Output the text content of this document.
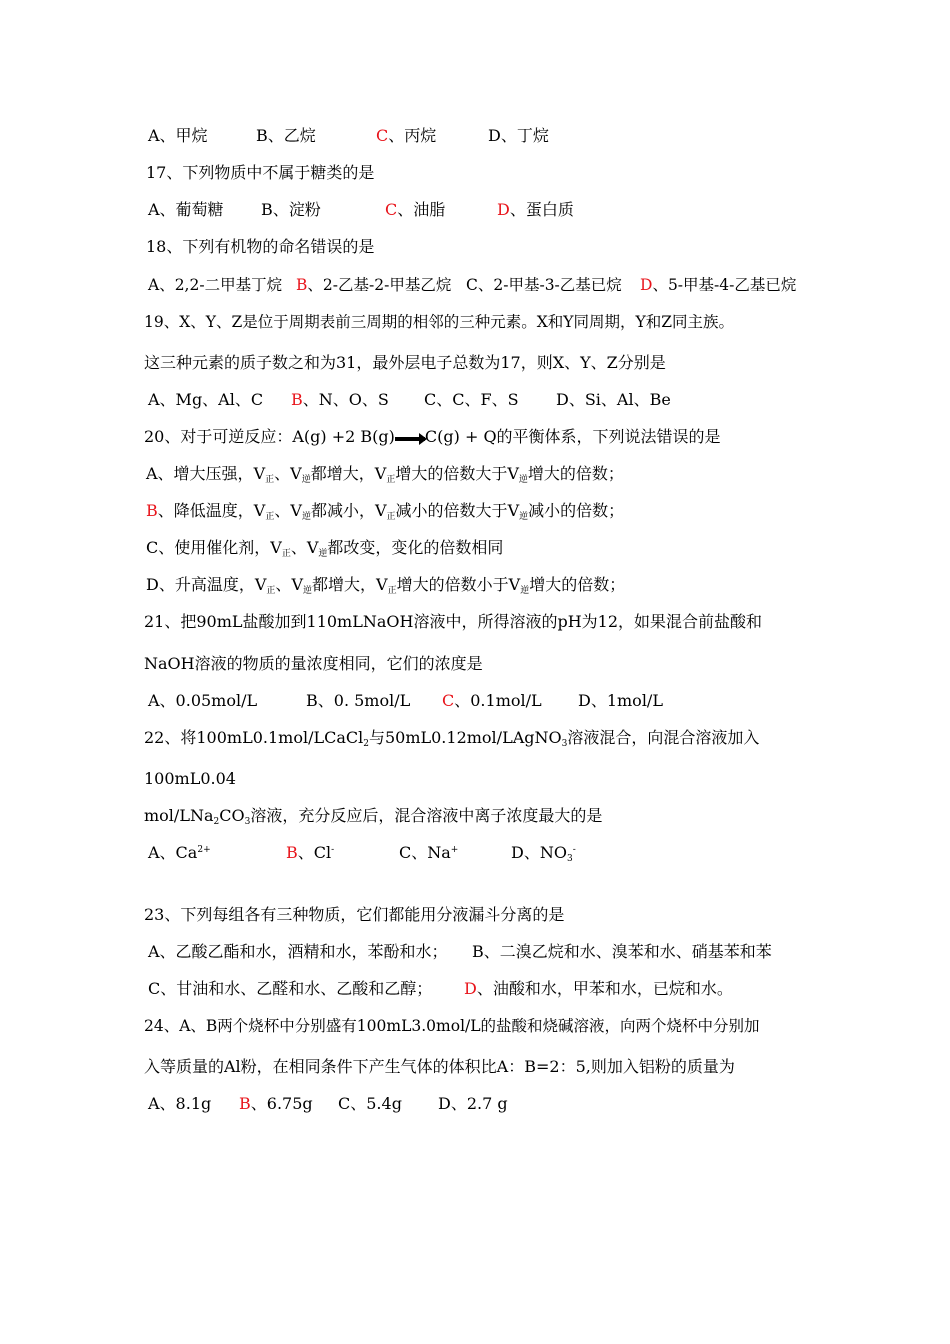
A、甲烷	B、乙烷	C、丙烷	D、丁烷
17、下列物质中不属于糖类的是
A、葡萄糖 B、淀粉	C、油脂	D、蛋白质
18、下列有机物的命名错误的是
A、2,2-二甲基丁烷 B、2-乙基-2-甲基乙烷 C、2-甲基-3-乙基已烷 D、5-甲基-4-乙基已烷
19、X、Y、Z是位于周期表前三周期的相邻的三种元素。X和Y同周期，Y和Z同主族。
这三种元素的质子数之和为31，最外层电子总数为17，则X、Y、Z分别是
A、Mg、Al、C B、N、O、S C、C、F、S D、Si、Al、Be
20、对于可逆反应：A(g) +2 B(g) C(g) + Q的平衡体系，下列说法错误的是
A、增大压强，$V_正$、$V_逆$都增大，$V_正$增大的倍数大于$V_逆$增大的倍数；
B、降低温度，$V_正$、$V_逆$都减小，$V_正$减小的倍数大于$V_逆$减小的倍数；
C、使用催化剂，$V_正$、$V_逆$都改变，变化的倍数相同
D、升高温度，$V_正$、$V_逆$都增大，$V_正$增大的倍数小于$V_逆$增大的倍数；
21、把90mL盐酸加到110mLNaOH溶液中，所得溶液的pH为12，如果混合前盐酸和
NaOH溶液的物质的量浓度相同，它们的浓度是
A、0.05mol/L	B、0. 5mol/L C、0.1mol/L D、1mol/L
22、将100mL0.1mol/LCaCl$_2$与50mL0.12mol/LAgNO$_3$溶液混合，向混合溶液加入
100mL0.04
mol/$LNa_2CO_3$溶液，充分反应后，混合溶液中离子浓度最大的是
A、$Ca^{2+}$	B、Cl-	C、Na+	D、$NO_3^-$
23、下列每组各有三种物质，它们都能用分液漏斗分离的是
A、乙酸乙酯和水，酒精和水，苯酚和水； B、二溴乙烷和水、溴苯和水、硝基苯和苯
C、甘油和水、乙醛和水、乙酸和乙醇； D、油酸和水，甲苯和水，已烷和水。
24、A、B两个烧杯中分别盛有100mL3.0mol/L的盐酸和烧碱溶液，向两个烧杯中分别加
入等质量的Al粉，在相同条件下产生气体的体积比A：B=2：5,则加入铝粉的质量为
A、8.1g B、6.75g C、5.4g D、2.7 g
